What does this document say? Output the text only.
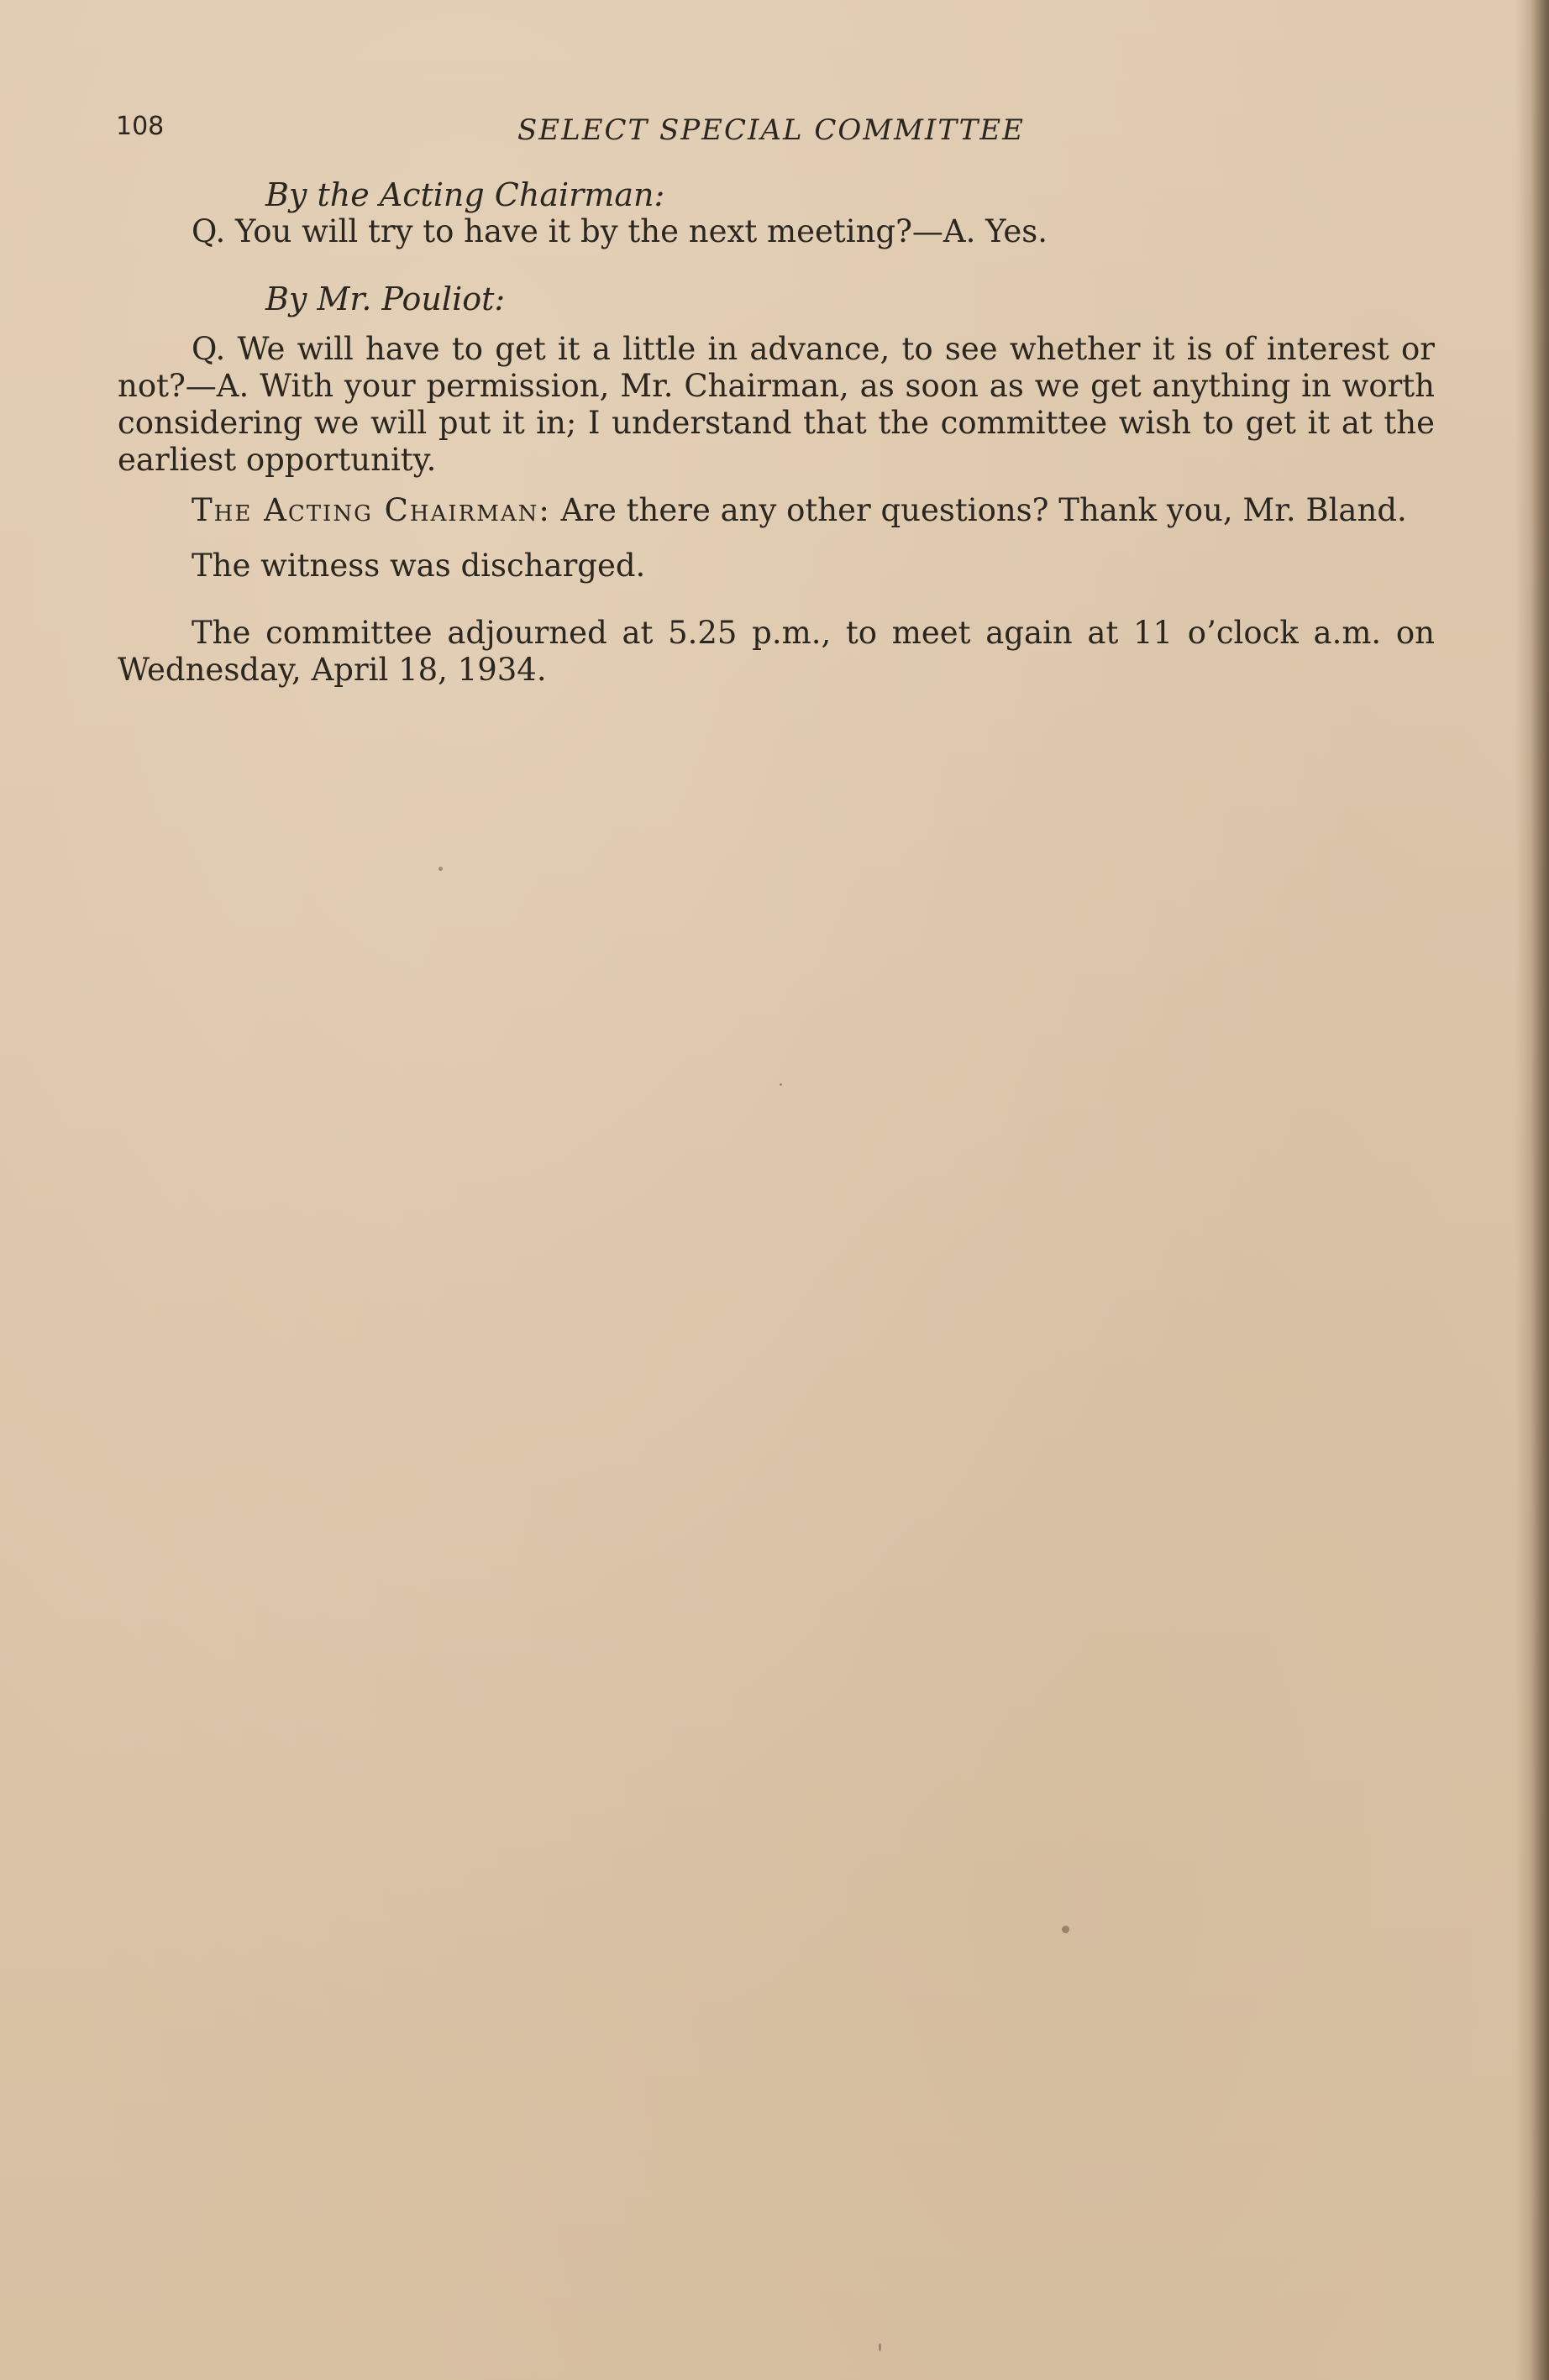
108	SELECT SPECIAL COMMITTEE

By the Acting Chairman:

Q. You will try to have it by the next meeting?—A. Yes.

By Mr. Pouliot:

Q. We will have to get it a little in advance, to see whether it is of interest or not?—A. With your permission, Mr. Chairman, as soon as we get anything in worth considering we will put it in; I understand that the committee wish to get it at the earliest opportunity.

The Acting Chairman: Are there any other questions? Thank you, Mr. Bland.

The witness was discharged.

The committee adjourned at 5.25 p.m., to meet again at 11 o’clock a.m. on Wednesday, April 18, 1934.
